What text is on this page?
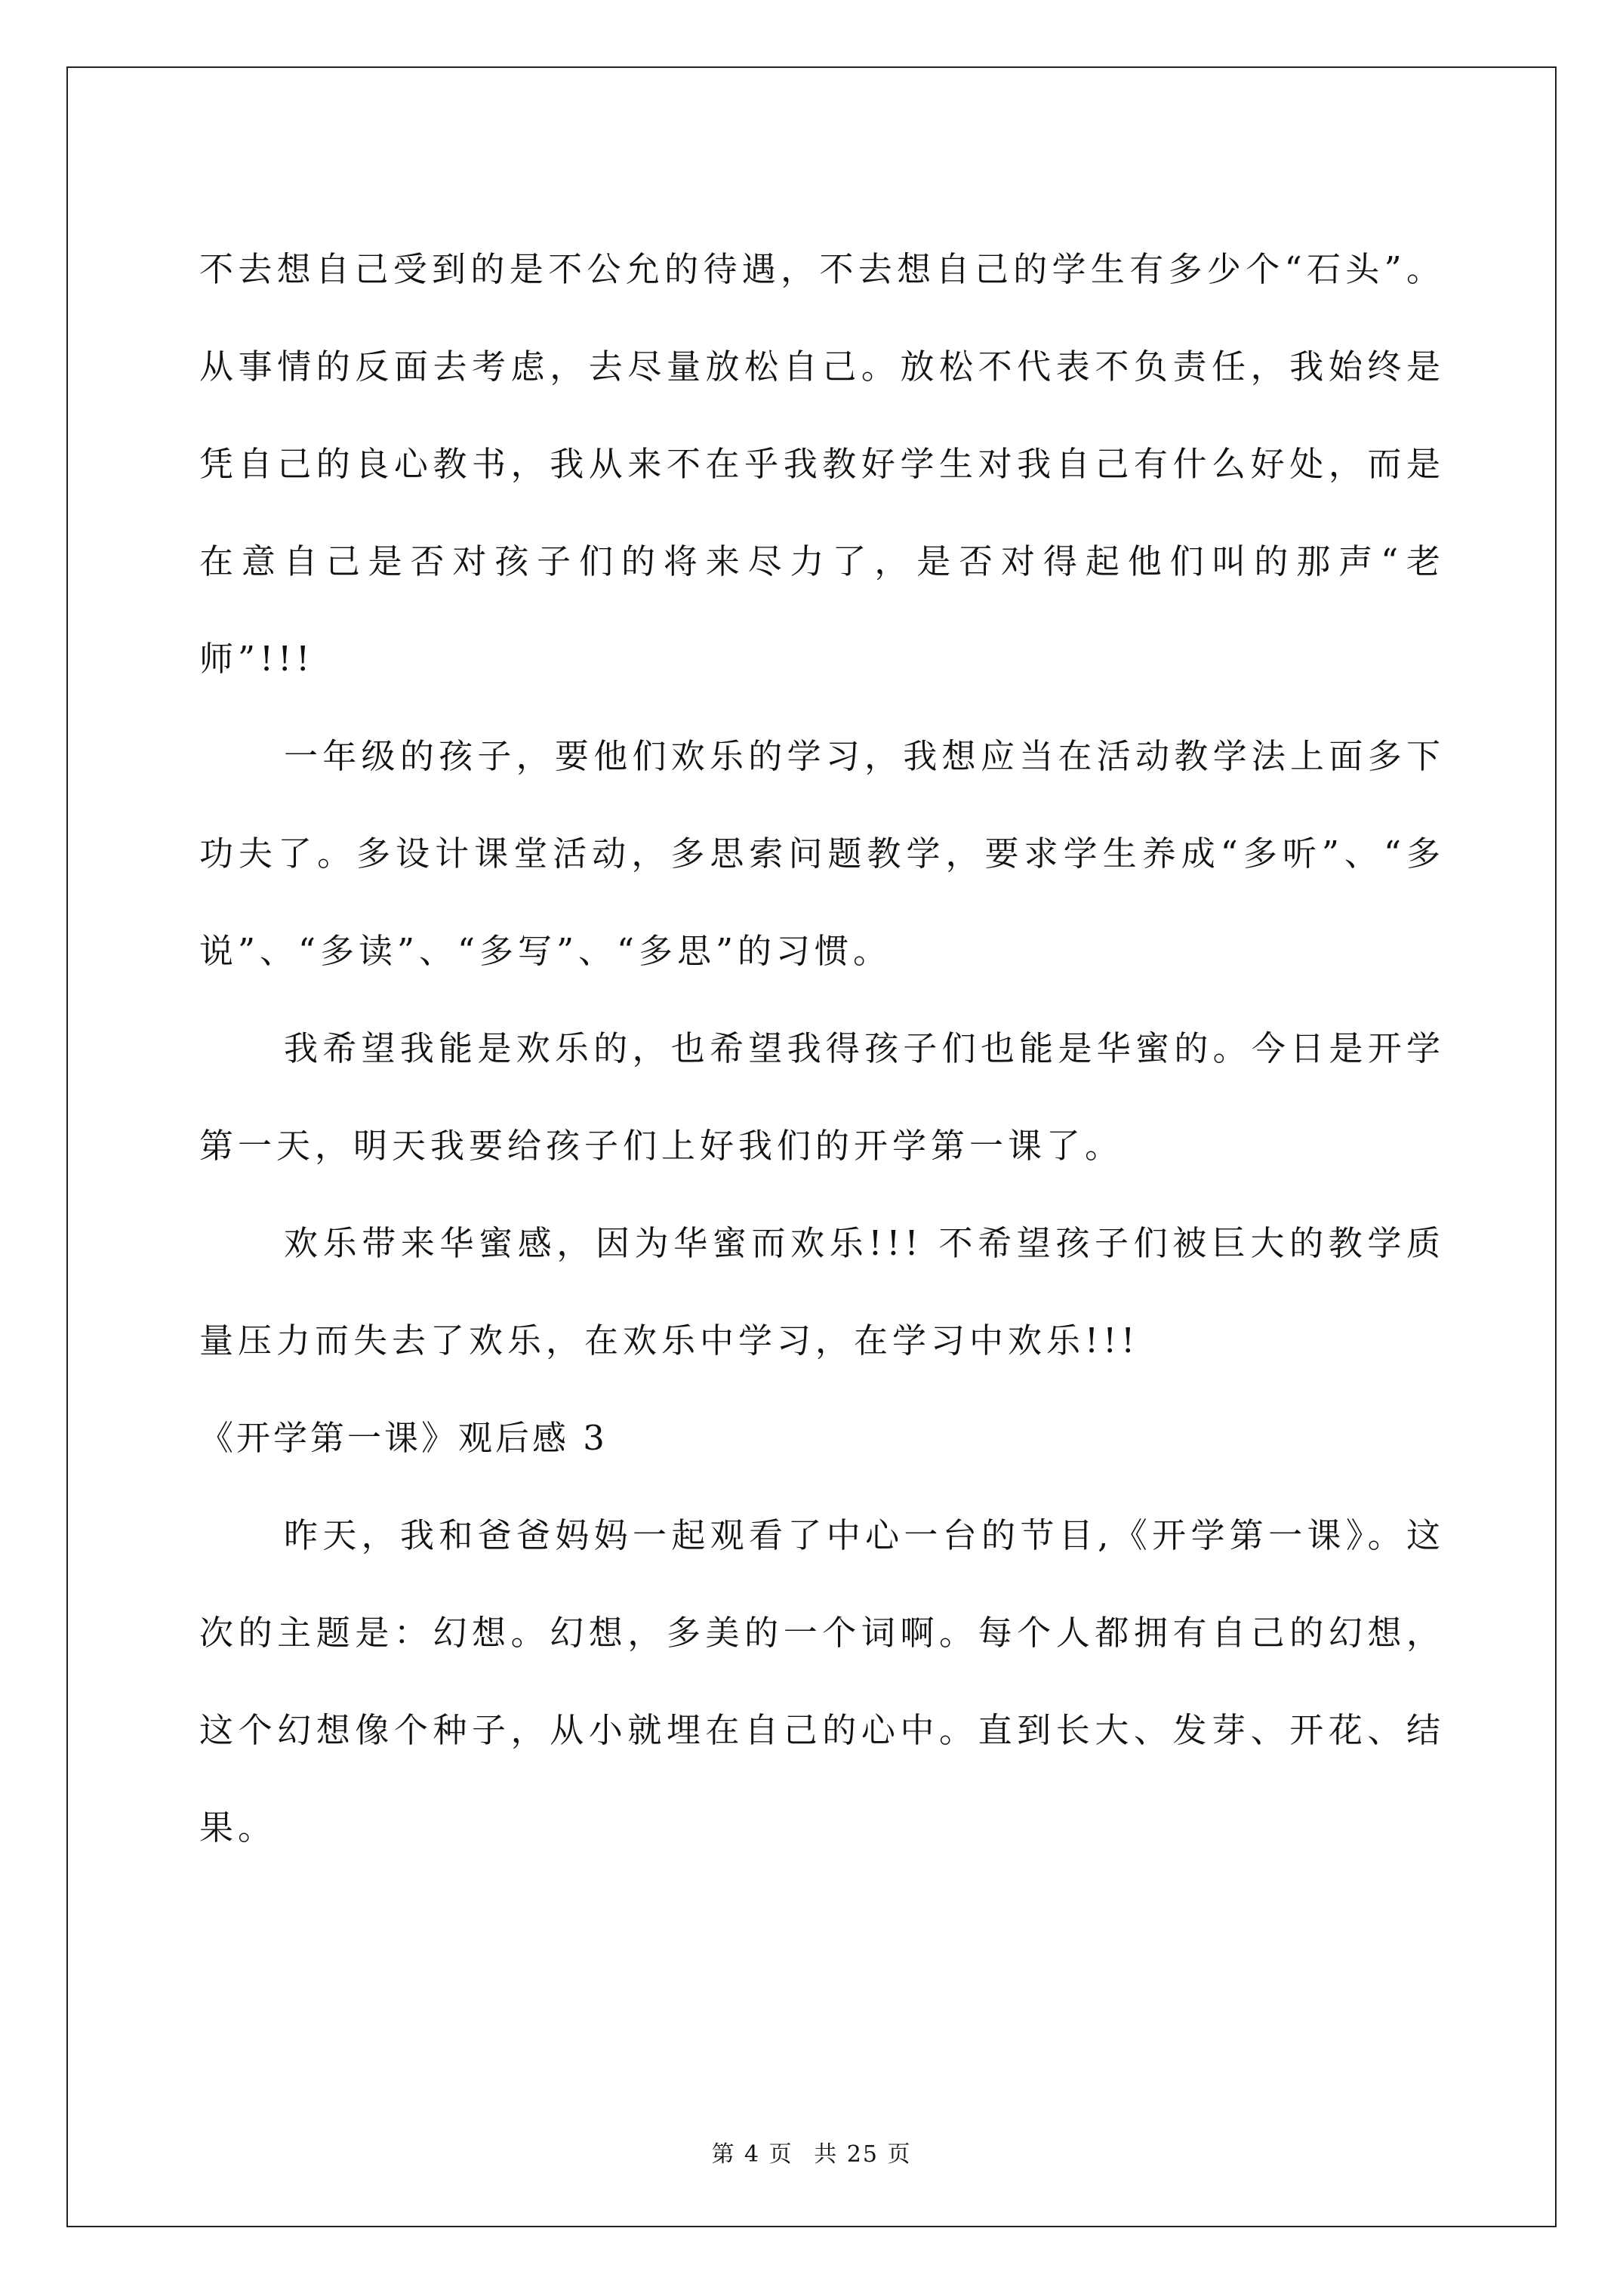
不去想自己受到的是不公允的待遇，不去想自己的学生有多少个“石头”。从事情的反面去考虑，去尽量放松自己。放松不代表不负责任，我始终是凭自己的良心教书，我从来不在乎我教好学生对我自己有什么好处，而是在意自己是否对孩子们的将来尽力了，是否对得起他们叫的那声“老师”!!!

一年级的孩子，要他们欢乐的学习，我想应当在活动教学法上面多下功夫了。多设计课堂活动，多思索问题教学，要求学生养成“多听”、“多说”、“多读”、“多写”、“多思”的习惯。

我希望我能是欢乐的，也希望我得孩子们也能是华蜜的。今日是开学第一天，明天我要给孩子们上好我们的开学第一课了。

欢乐带来华蜜感，因为华蜜而欢乐!!! 不希望孩子们被巨大的教学质量压力而失去了欢乐，在欢乐中学习，在学习中欢乐!!!

《开学第一课》观后感 3

昨天，我和爸爸妈妈一起观看了中心一台的节目,《开学第一课》。这次的主题是：幻想。幻想，多美的一个词啊。每个人都拥有自己的幻想，这个幻想像个种子，从小就埋在自己的心中。直到长大、发芽、开花、结果。

第 4 页 共 25 页
